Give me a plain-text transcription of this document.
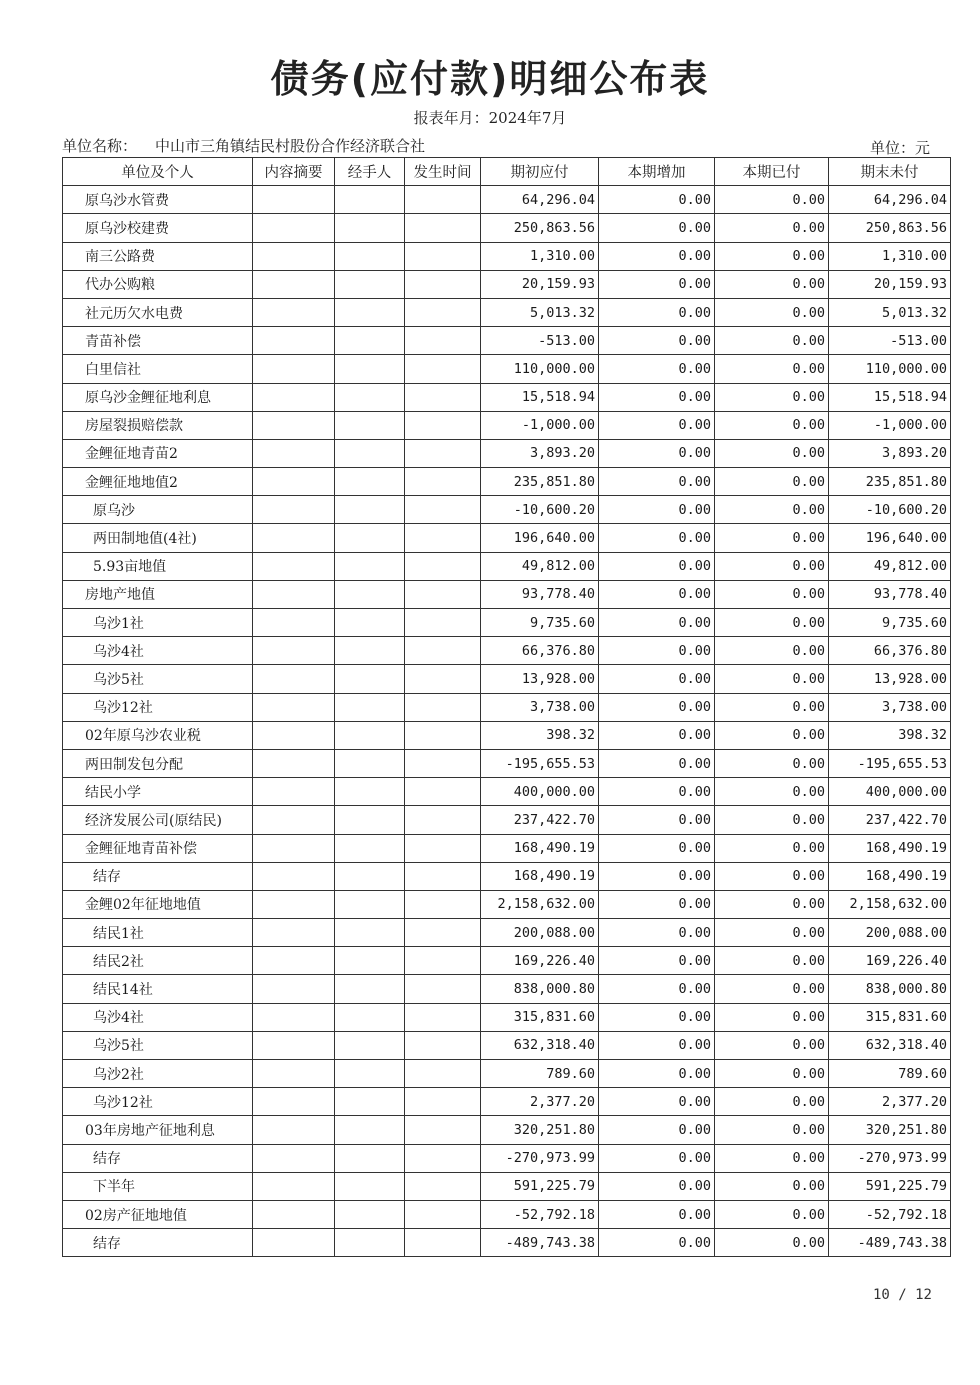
债务(应付款)明细公布表
报表年月：2024年7月
单位名称： 中山市三角镇结民村股份合作经济联合社	单位：元
单位及个人	内容摘要	经手人	发生时间	期初应付	本期增加	本期已付	期末未付
原乌沙水管费				64,296.04	0.00	0.00	64,296.04
原乌沙校建费				250,863.56	0.00	0.00	250,863.56
南三公路费				1,310.00	0.00	0.00	1,310.00
代办公购粮				20,159.93	0.00	0.00	20,159.93
社元历欠水电费				5,013.32	0.00	0.00	5,013.32
青苗补偿				-513.00	0.00	0.00	-513.00
白里信社				110,000.00	0.00	0.00	110,000.00
原乌沙金鲤征地利息				15,518.94	0.00	0.00	15,518.94
房屋裂损赔偿款				-1,000.00	0.00	0.00	-1,000.00
金鲤征地青苗2				3,893.20	0.00	0.00	3,893.20
金鲤征地地值2				235,851.80	0.00	0.00	235,851.80
原乌沙				-10,600.20	0.00	0.00	-10,600.20
两田制地值(4社)				196,640.00	0.00	0.00	196,640.00
5.93亩地值				49,812.00	0.00	0.00	49,812.00
房地产地值				93,778.40	0.00	0.00	93,778.40
乌沙1社				9,735.60	0.00	0.00	9,735.60
乌沙4社				66,376.80	0.00	0.00	66,376.80
乌沙5社				13,928.00	0.00	0.00	13,928.00
乌沙12社				3,738.00	0.00	0.00	3,738.00
02年原乌沙农业税				398.32	0.00	0.00	398.32
两田制发包分配				-195,655.53	0.00	0.00	-195,655.53
结民小学				400,000.00	0.00	0.00	400,000.00
经济发展公司(原结民)				237,422.70	0.00	0.00	237,422.70
金鲤征地青苗补偿				168,490.19	0.00	0.00	168,490.19
结存				168,490.19	0.00	0.00	168,490.19
金鲤02年征地地值				2,158,632.00	0.00	0.00	2,158,632.00
结民1社				200,088.00	0.00	0.00	200,088.00
结民2社				169,226.40	0.00	0.00	169,226.40
结民14社				838,000.80	0.00	0.00	838,000.80
乌沙4社				315,831.60	0.00	0.00	315,831.60
乌沙5社				632,318.40	0.00	0.00	632,318.40
乌沙2社				789.60	0.00	0.00	789.60
乌沙12社				2,377.20	0.00	0.00	2,377.20
03年房地产征地利息				320,251.80	0.00	0.00	320,251.80
结存				-270,973.99	0.00	0.00	-270,973.99
下半年				591,225.79	0.00	0.00	591,225.79
02房产征地地值				-52,792.18	0.00	0.00	-52,792.18
结存				-489,743.38	0.00	0.00	-489,743.38
10 / 12
